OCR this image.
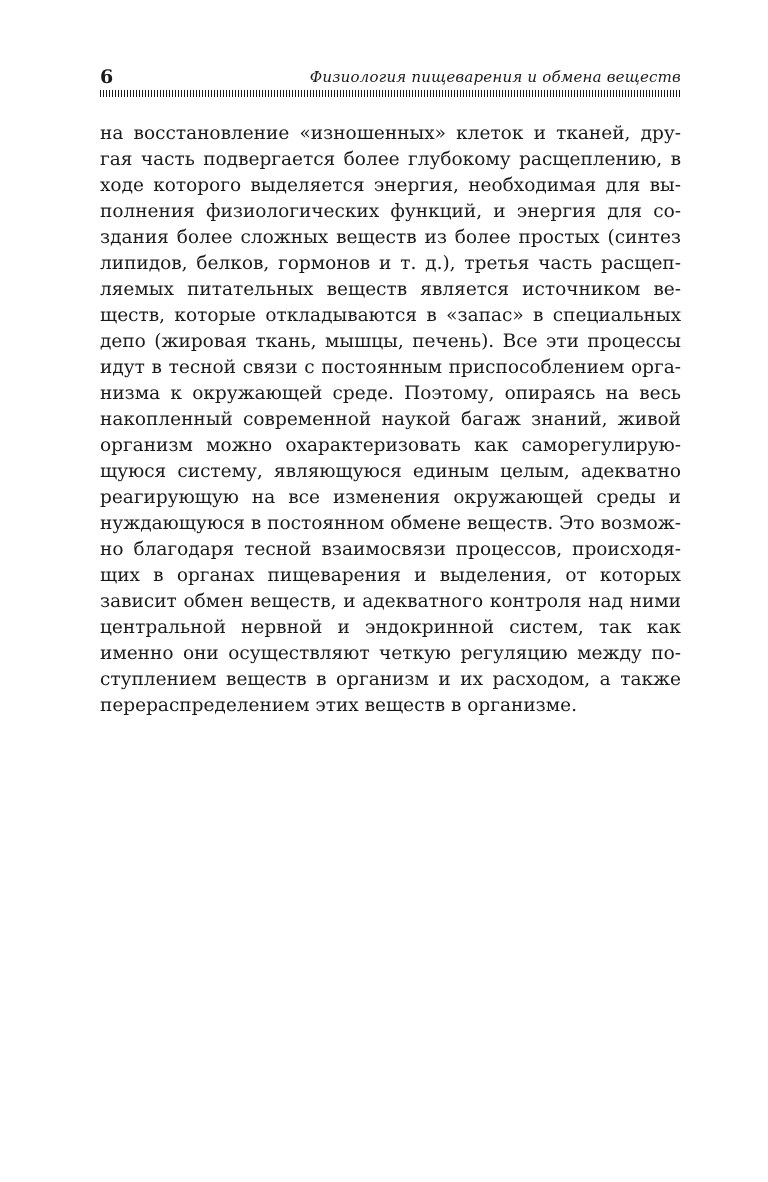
6	Физиология пищеварения и обмена веществ
на восстановление «изношенных» клеток и тканей, дру-
гая часть подвергается более глубокому расщеплению, в
ходе которого выделяется энергия, необходимая для вы-
полнения физиологических функций, и энергия для со-
здания более сложных веществ из более простых (синтез
липидов, белков, гормонов и т. д.), третья часть расщеп-
ляемых питательных веществ является источником ве-
ществ, которые откладываются в «запас» в специальных
депо (жировая ткань, мышцы, печень). Все эти процессы
идут в тесной связи с постоянным приспособлением орга-
низма к окружающей среде. Поэтому, опираясь на весь
накопленный современной наукой багаж знаний, живой
организм можно охарактеризовать как саморегулирую-
щуюся систему, являющуюся единым целым, адекватно
реагирующую на все изменения окружающей среды и
нуждающуюся в постоянном обмене веществ. Это возмож-
но благодаря тесной взаимосвязи процессов, происходя-
щих в органах пищеварения и выделения, от которых
зависит обмен веществ, и адекватного контроля над ними
центральной нервной и эндокринной систем, так как
именно они осуществляют четкую регуляцию между по-
ступлением веществ в организм и их расходом, а также
перераспределением этих веществ в организме.
